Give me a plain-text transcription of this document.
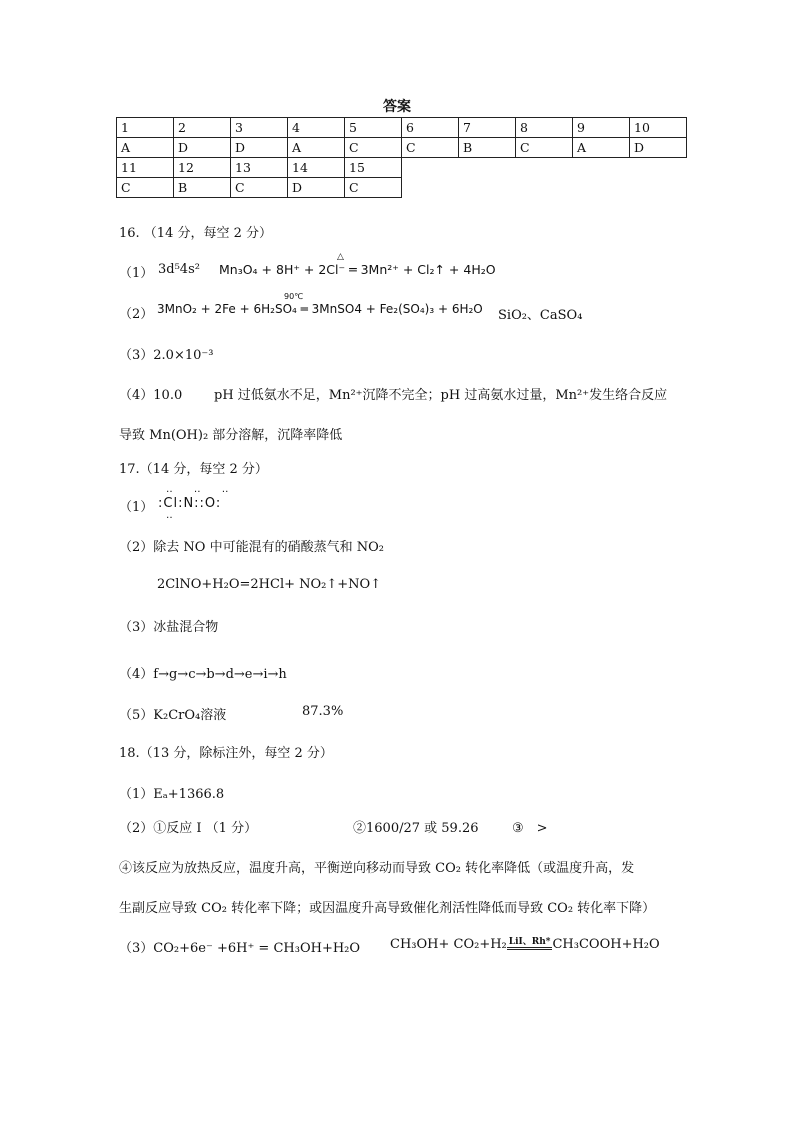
答案
1	2	3	4	5	6	7	8	9	10
A	D	D	A	C	C	B	C	A	D
11	12	13	14	15					
C	B	C	D	C					
16. （14 分，每空 2 分）
（1） 3d⁵4s²
△
Mn₃O₄ + 8H⁺ + 2Cl⁻ ═ 3Mn²⁺ + Cl₂↑ + 4H₂O
（2）
90℃
3MnO₂ + 2Fe + 6H₂SO₄ ═ 3MnSO4 + Fe₂(SO₄)₃ + 6H₂O SiO₂、CaSO₄
（3）2.0×10⁻³
（4）10.0 pH 过低氨水不足，Mn²⁺沉降不完全；pH 过高氨水过量，Mn²⁺发生络合反应
导致 Mn(OH)₂ 部分溶解，沉降率降低
17.（14 分，每空 2 分）
（1）
‥ ‥ ‥
:Cl:N::O:
‥
（2）除去 NO 中可能混有的硝酸蒸气和 NO₂
2ClNO+H₂O=2HCl+ NO₂↑+NO↑
（3）冰盐混合物
（4）f→g→c→b→d→e→i→h
（5）K₂CrO₄溶液	87.3%
18.（13 分，除标注外，每空 2 分）
（1）Eₐ+1366.8
（2）①反应 Ⅰ （1 分）	②1600/27 或 59.26	③　>
④该反应为放热反应，温度升高，平衡逆向移动而导致 CO₂ 转化率降低（或温度升高，发
生副反应导致 CO₂ 转化率下降；或因温度升高导致催化剂活性降低而导致 CO₂ 转化率下降）
（3）CO₂+6e⁻ +6H⁺ = CH₃OH+H₂O CH₃OH+ CO₂+H₂ LiI、Rh* CH₃COOH+H₂O
